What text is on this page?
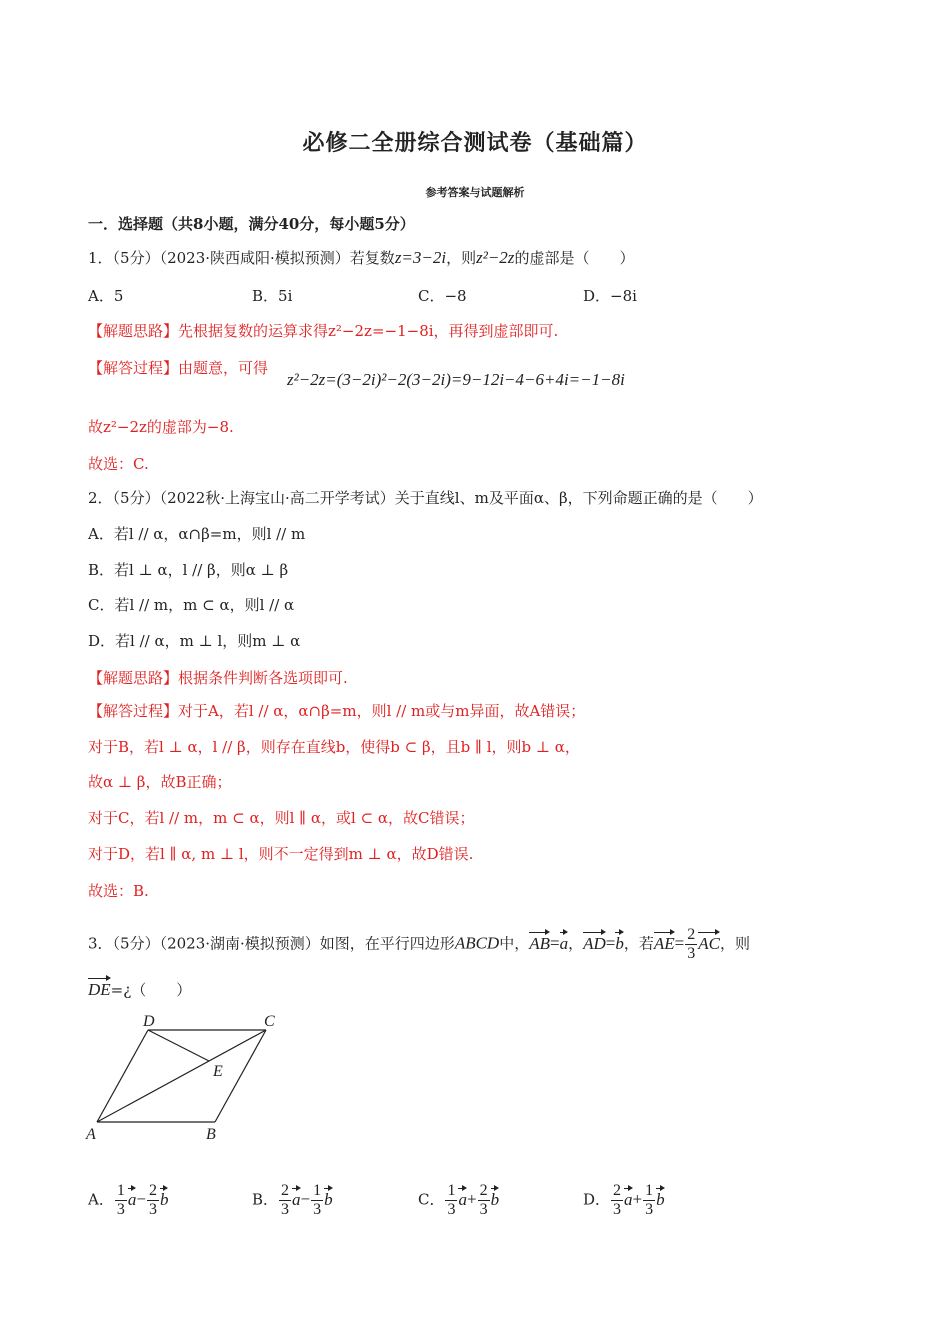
必修二全册综合测试卷（基础篇）
参考答案与试题解析
一．选择题（共8小题，满分40分，每小题5分）
1．（5分）（2023·陕西咸阳·模拟预测）若复数z=3−2i，则z²−2z的虚部是（　　）
A．5	B．5i	C．−8	D．−8i
【解题思路】先根据复数的运算求得z²−2z=−1−8i，再得到虚部即可.
【解答过程】由题意，可得
z²−2z=(3−2i)²−2(3−2i)=9−12i−4−6+4i=−1−8i
故z²−2z的虚部为−8.
故选：C.
2．（5分）（2022秋·上海宝山·高二开学考试）关于直线l、m及平面α、β，下列命题正确的是（　　）
A．若l // α，α∩β=m，则l // m
B．若l ⊥ α，l // β，则α ⊥ β
C．若l // m，m ⊂ α，则l // α
D．若l // α，m ⊥ l，则m ⊥ α
【解题思路】根据条件判断各选项即可.
【解答过程】对于A，若l // α，α∩β=m，则l // m或与m异面，故A错误；
对于B，若l ⊥ α，l // β，则存在直线b，使得b ⊂ β，且b ∥ l，则b ⊥ α，
故α ⊥ β，故B正确；
对于C，若l // m，m ⊂ α，则l ∥ α，或l ⊂ α，故C错误；
对于D，若l ∥ α, m ⊥ l，则不一定得到m ⊥ α，故D错误.
故选：B.
3．（5分）（2023·湖南·模拟预测）如图，在平行四边形ABCD中，AB=a，AD=b，若$AE= \frac{2}{3}$ AC，则
DE=¿（　　）
A	B
C
D
E
A． $\frac{1}{3} a- \frac{2}{3}$ b	B． $\frac{2}{3} a- \frac{1}{3}$ b	C． $\frac{1}{3} a+ \frac{2}{3}$ b	D． $\frac{2}{3} a+ \frac{1}{3}$ b
